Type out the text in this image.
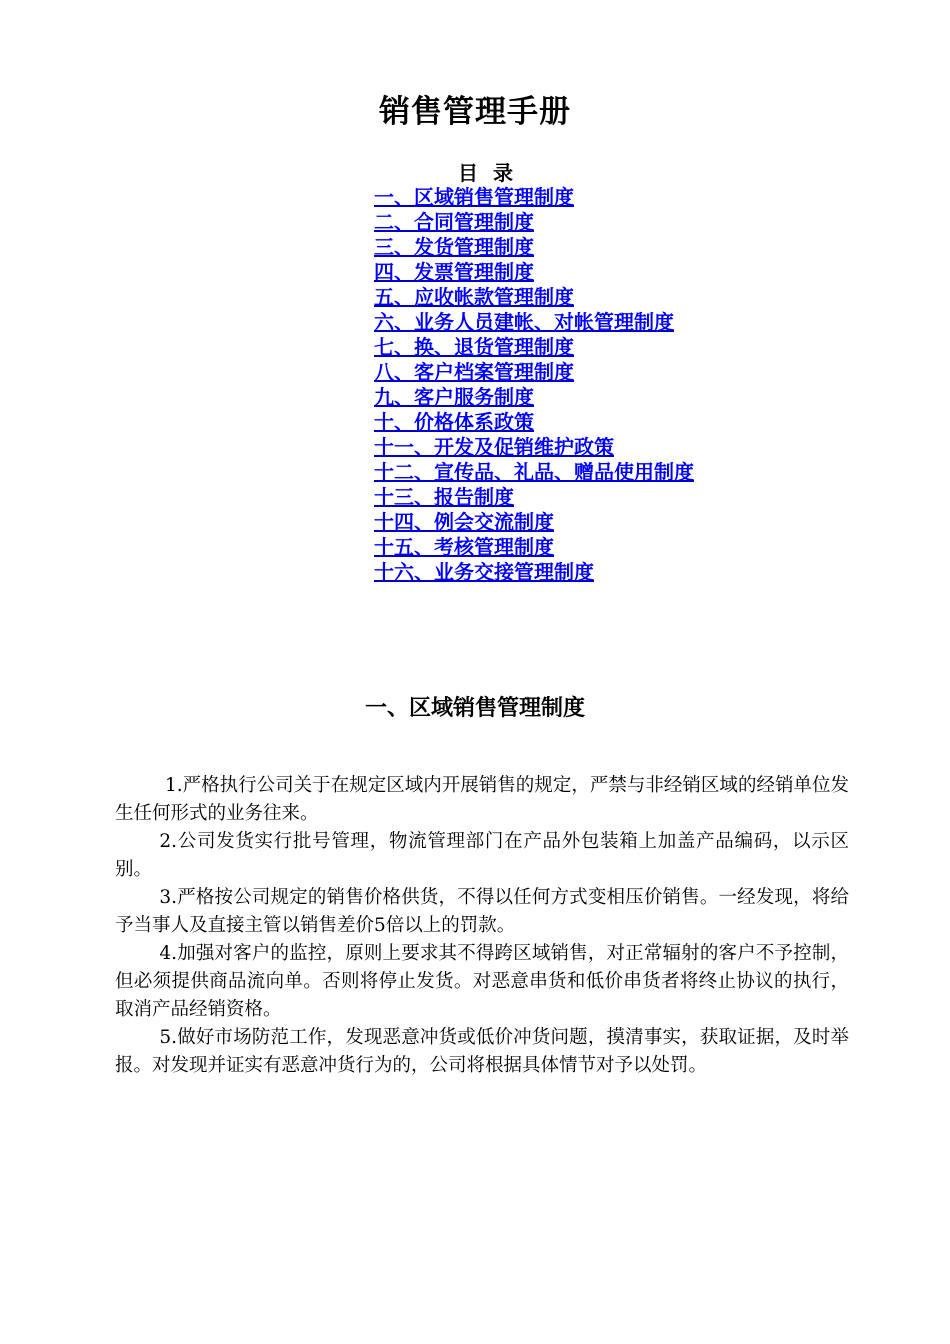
销售管理手册
目 录
一、区域销售管理制度
二、合同管理制度
三、发货管理制度
四、发票管理制度
五、应收帐款管理制度
六、业务人员建帐、对帐管理制度
七、换、退货管理制度
八、客户档案管理制度
九、客户服务制度
十、价格体系政策
十一、开发及促销维护政策
十二、宣传品、礼品、赠品使用制度
十三、报告制度
十四、例会交流制度
十五、考核管理制度
十六、业务交接管理制度
一、区域销售管理制度

1.严格执行公司关于在规定区域内开展销售的规定，严禁与非经销区域的经销单位发生任何形式的业务往来。

2.公司发货实行批号管理，物流管理部门在产品外包装箱上加盖产品编码，以示区别。

3.严格按公司规定的销售价格供货，不得以任何方式变相压价销售。一经发现，将给予当事人及直接主管以销售差价5倍以上的罚款。

4.加强对客户的监控，原则上要求其不得跨区域销售，对正常辐射的客户不予控制，但必须提供商品流向单。否则将停止发货。对恶意串货和低价串货者将终止协议的执行，取消产品经销资格。

5.做好市场防范工作，发现恶意冲货或低价冲货问题，摸清事实，获取证据，及时举报。对发现并证实有恶意冲货行为的，公司将根据具体情节对予以处罚。
